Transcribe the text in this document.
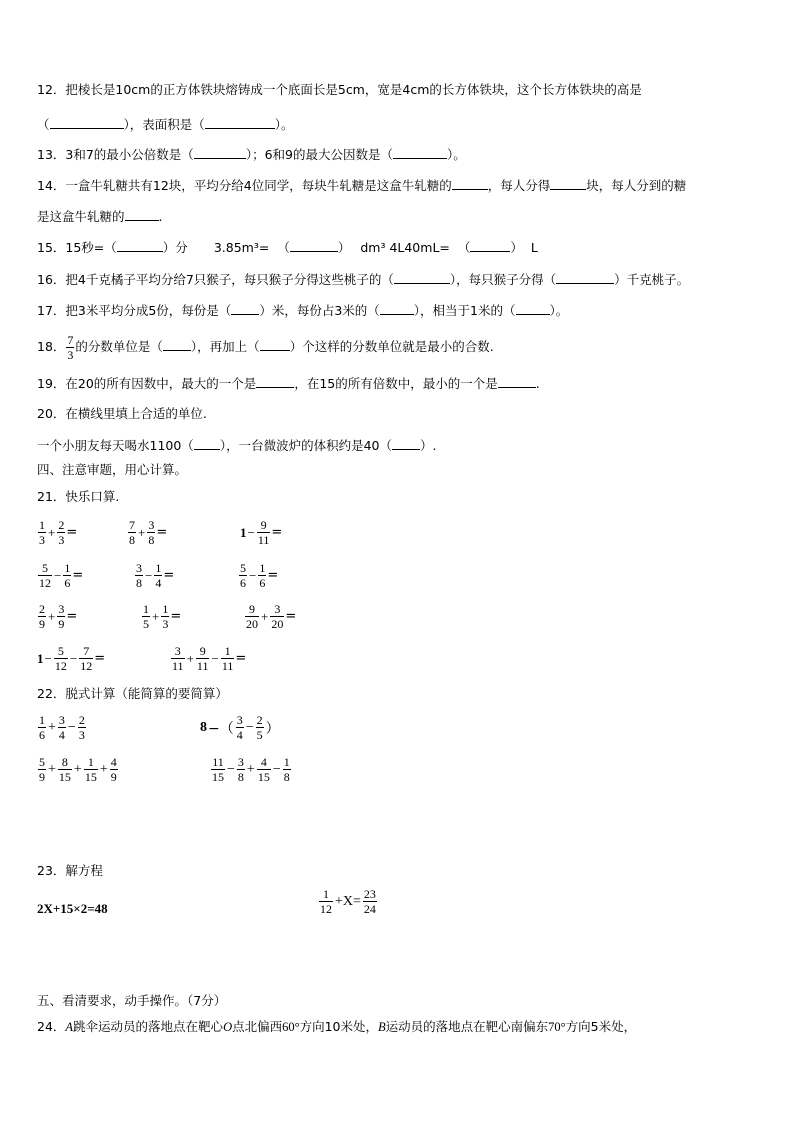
12．把棱长是10cm的正方体铁块熔铸成一个底面长是5cm，宽是4cm的长方体铁块，这个长方体铁块的高是
（	），表面积是（	）。
13．3和7的最小公倍数是（	）；6和9的最大公因数是（	）。
14．一盒牛轧糖共有12块，平均分给4位同学，每块牛轧糖是这盒牛轧糖的	，每人分得	块，每人分到的糖
是这盒牛轧糖的	.
15．15秒=（	）分 3.85m³= （	） dm³ 4L40mL= （	） L
16．把4千克橘子平均分给7只猴子，每只猴子分得这些桃子的（	），每只猴子分得（	）千克桃子。
17．把3米平均分成5份，每份是（ ）米，每份占3米的（	），相当于1米的（	）。
18． $\frac{7}{3}$ 的分数单位是（ ），再加上（ ）个这样的分数单位就是最小的合数.
19．在20的所有因数中，最大的一个是	，在15的所有倍数中，最小的一个是	.
20．在横线里填上合适的单位.
一个小朋友每天喝水1100（ ），一台微波炉的体积约是40（ ）.
四、注意审题，用心计算。
21．快乐口算.
$\frac{1}{3} + \frac{2}{3}$ =	$\frac{7}{8} + \frac{3}{8}$ =	$1 - \frac{9}{11}$ =
$\frac{5}{12} - \frac{1}{6}$ =	$\frac{3}{8} - \frac{1}{4}$ =	$\frac{5}{6} - \frac{1}{6}$ =
$\frac{2}{9} + \frac{3}{9}$ =	$\frac{1}{5} + \frac{1}{3}$ =	$\frac{9}{20} + \frac{3}{20}$ =
$1 - \frac{5}{12} - \frac{7}{12}$ =	$\frac{3}{11} + \frac{9}{11} - \frac{1}{11}$ =
22．脱式计算（能简算的要简算）
$\frac{1}{6} + \frac{3}{4} - \frac{2}{3}$	8 −（ $\frac{3}{4} - \frac{2}{5}$ ）
$\frac{5}{9} + \frac{8}{15} + \frac{1}{15} + \frac{4}{9}$	$\frac{11}{15} - \frac{3}{8} + \frac{4}{15} - \frac{1}{8}$
23．解方程
2X+15×2=48	$\frac{1}{12} +X= \frac{23}{24}$
五、看清要求，动手操作。（7分）
24．A跳伞运动员的落地点在靶心O点北偏西60°方向10米处，B运动员的落地点在靶心南偏东70°方向5米处，
